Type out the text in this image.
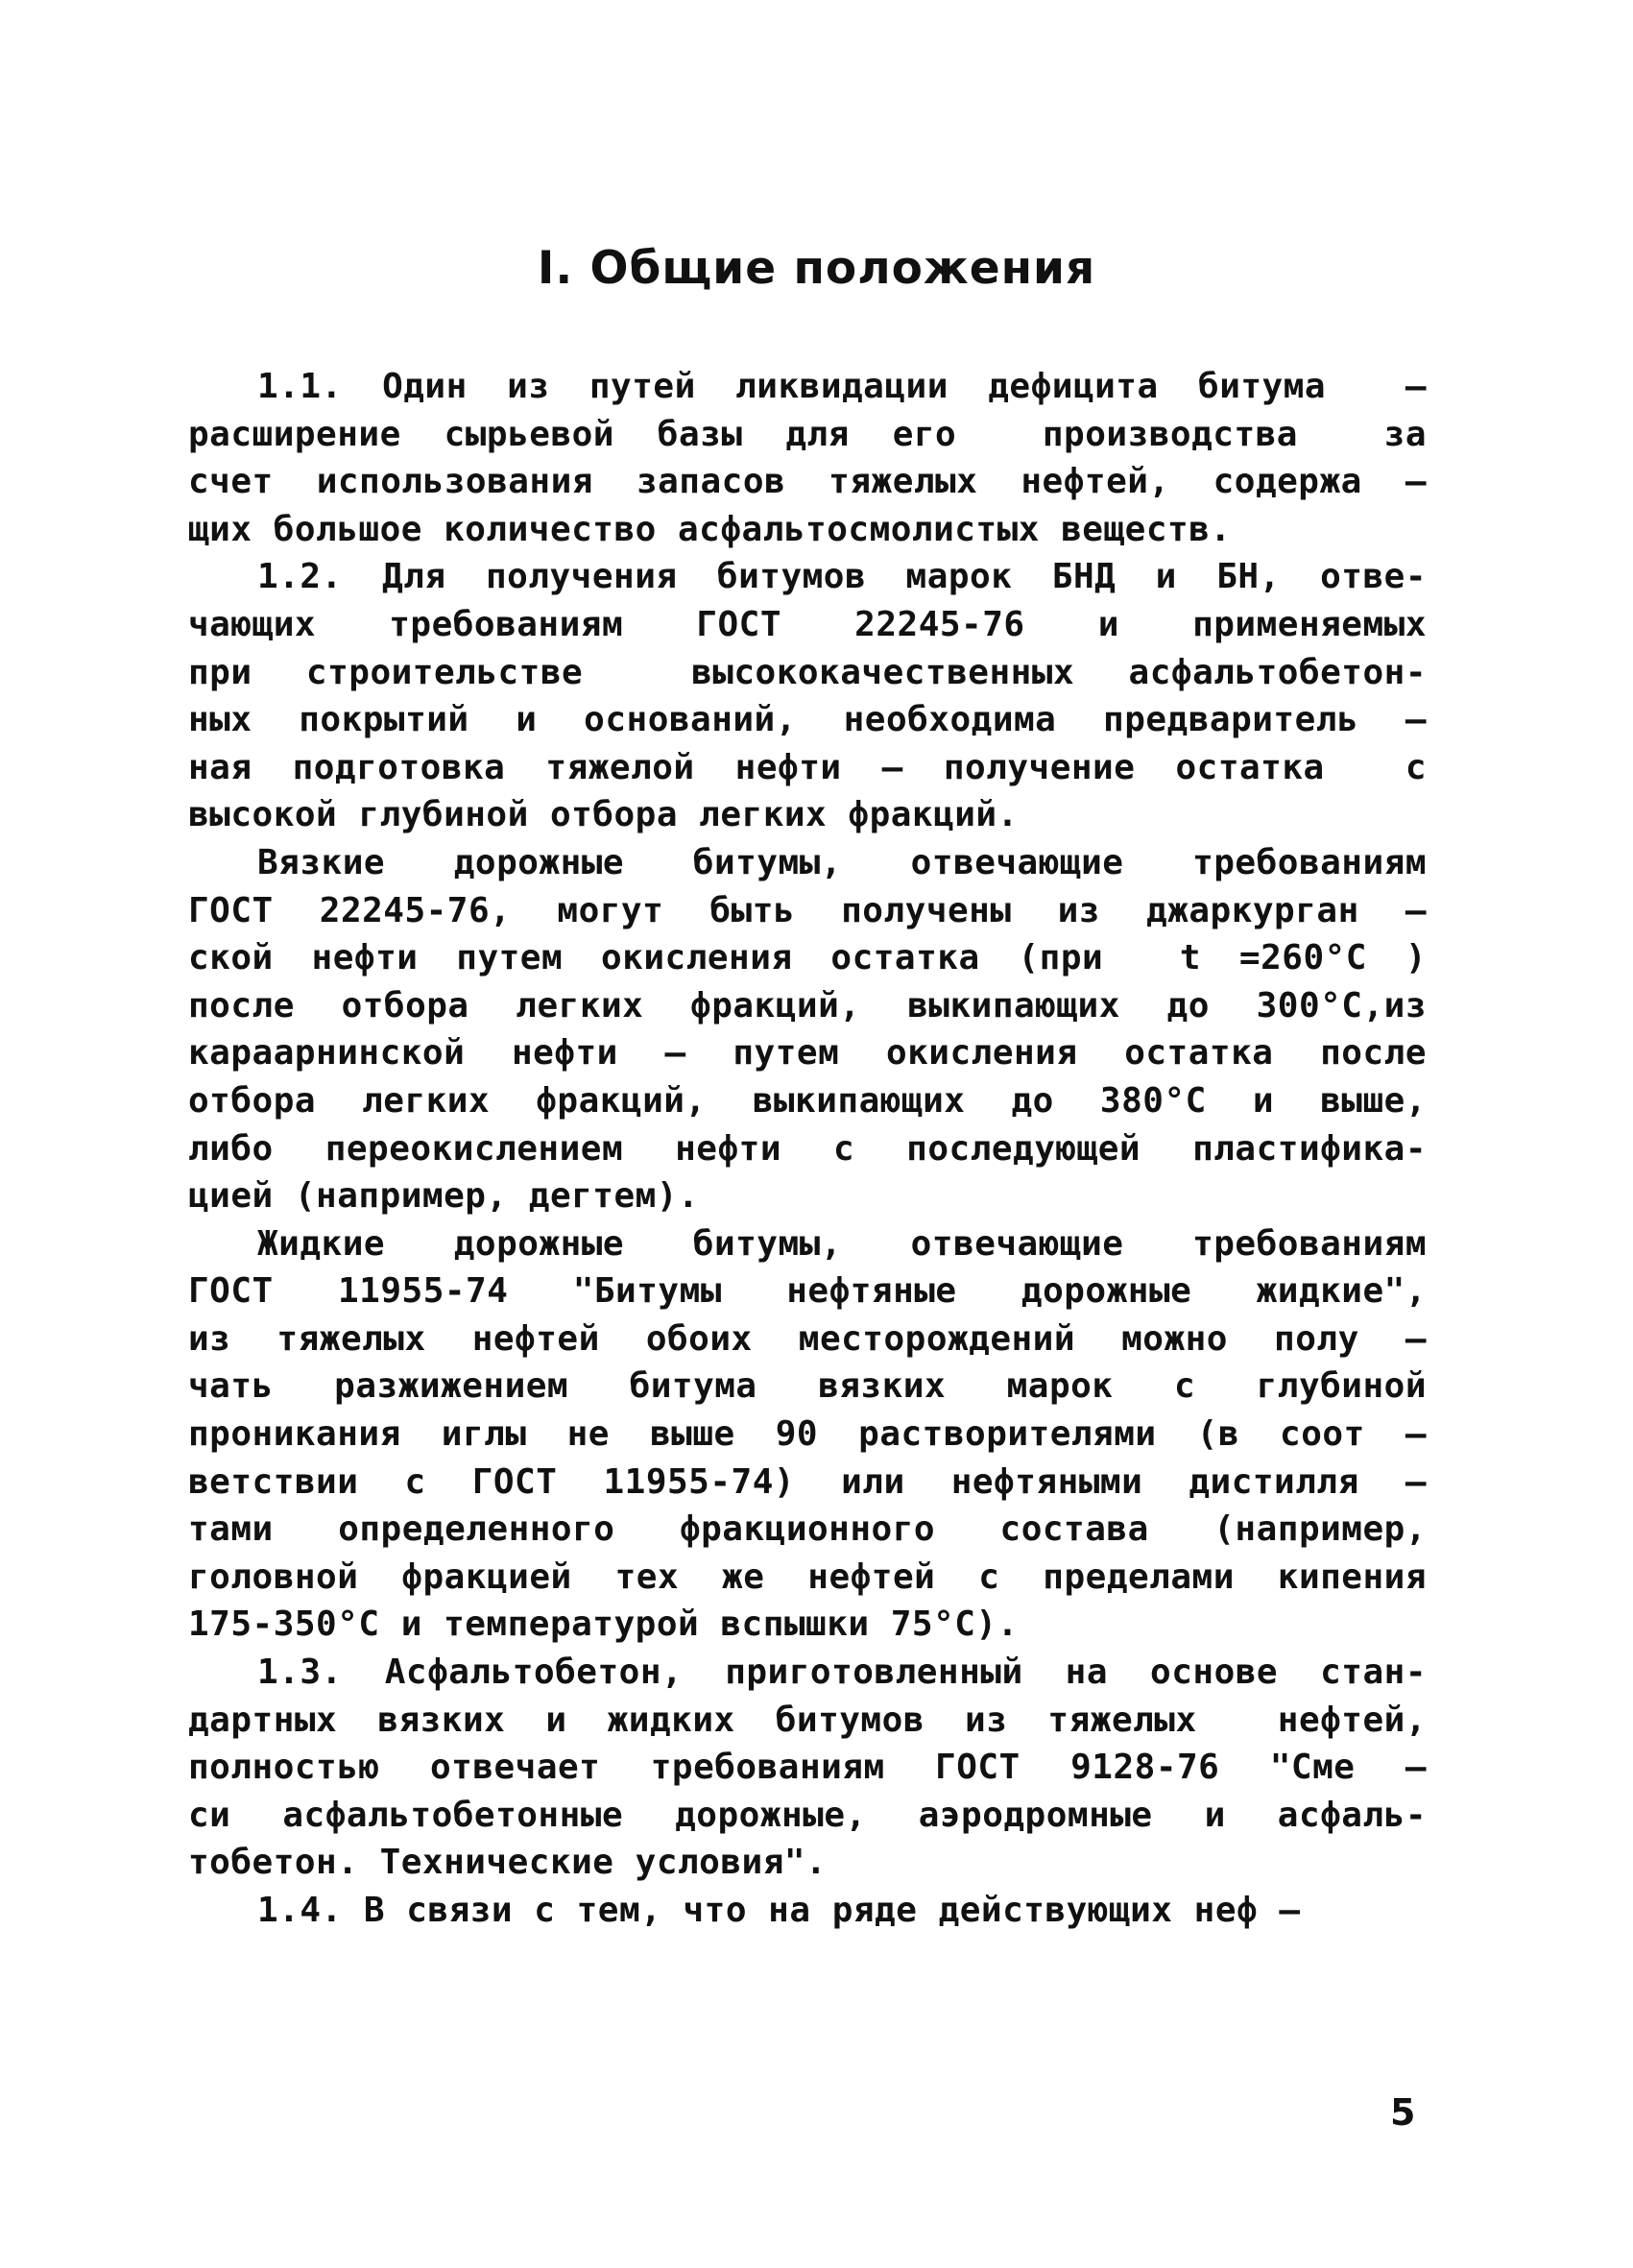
I. Общие положения
1.1. Один из путей ликвидации дефицита битума  –
расширение сырьевой базы для его  производства  за
счет использования запасов тяжелых нефтей, содержа –
щих большое количество асфальтосмолистых веществ.
1.2. Для получения битумов марок БНД и БН, отве-
чающих требованиям ГОСТ 22245-76 и применяемых
при строительстве  высококачественных асфальтобетон-
ных покрытий и оснований, необходима предваритель –
ная подготовка тяжелой нефти – получение остатка  с
высокой глубиной отбора легких фракций.
Вязкие дорожные битумы, отвечающие требованиям
ГОСТ 22245-76, могут быть получены из джаркурган –
ской нефти путем окисления остатка (при  t =260°C )
после отбора легких фракций, выкипающих до 300°C,из
караарнинской нефти – путем окисления остатка после
отбора легких фракций, выкипающих до 380°C и выше,
либо переокислением нефти с последующей пластифика-
цией (например, дегтем).
Жидкие дорожные битумы, отвечающие требованиям
ГОСТ 11955-74 "Битумы нефтяные дорожные жидкие",
из тяжелых нефтей обоих месторождений можно полу –
чать разжижением битума вязких марок с глубиной
проникания иглы не выше 90 растворителями (в соот –
ветствии с ГОСТ 11955-74) или нефтяными дистилля –
тами определенного фракционного состава (например,
головной фракцией тех же нефтей с пределами кипения
175-350°C и температурой вспышки 75°C).
1.3. Асфальтобетон, приготовленный на основе стан-
дартных вязких и жидких битумов из тяжелых  нефтей,
полностью отвечает требованиям ГОСТ 9128-76 "Сме –
си асфальтобетонные дорожные, аэродромные и асфаль-
тобетон. Технические условия".
1.4. В связи с тем, что на ряде действующих неф –
5
